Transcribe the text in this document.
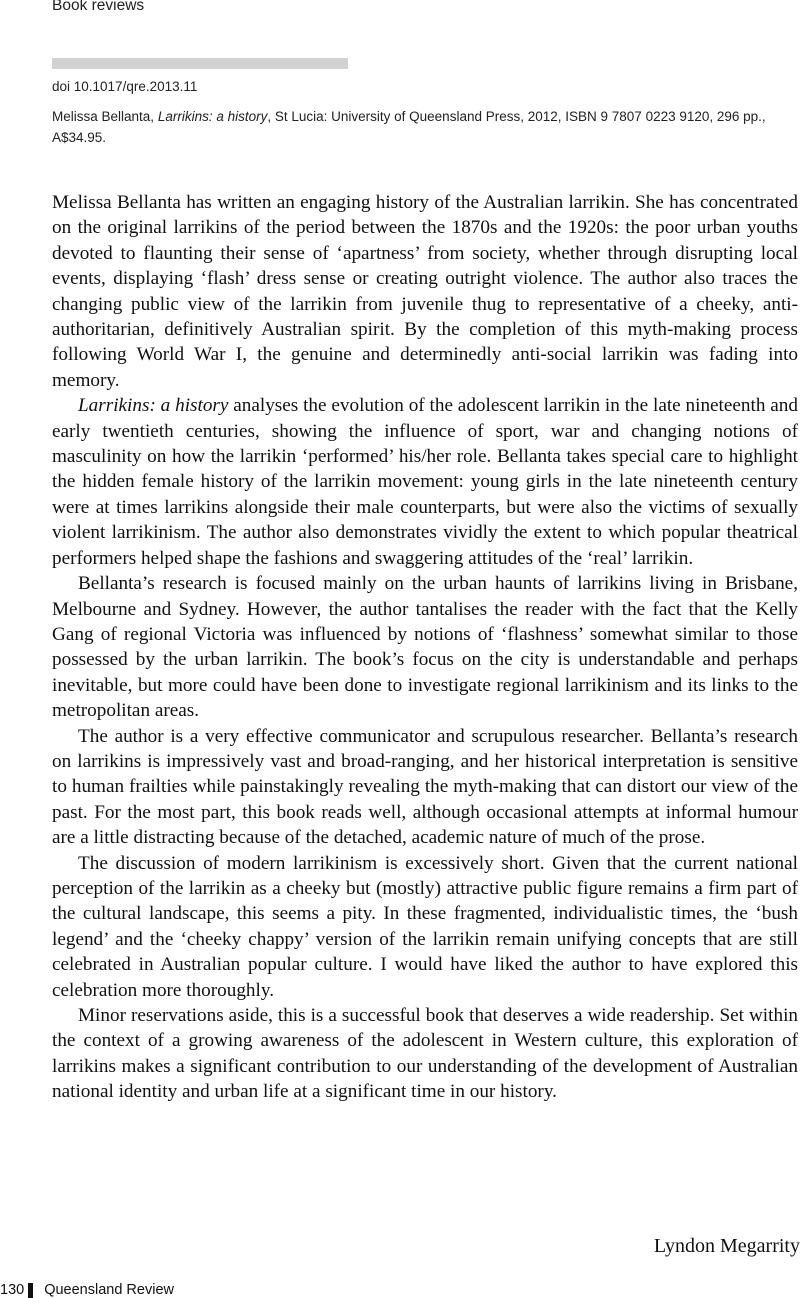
Book reviews
doi 10.1017/qre.2013.11
Melissa Bellanta, Larrikins: a history, St Lucia: University of Queensland Press, 2012, ISBN 9 7807 0223 9120, 296 pp., A$34.95.

Melissa Bellanta has written an engaging history of the Australian larrikin. She has concentrated on the original larrikins of the period between the 1870s and the 1920s: the poor urban youths devoted to flaunting their sense of ‘apartness’ from society, whether through disrupting local events, displaying ‘flash’ dress sense or creating outright violence. The author also traces the changing public view of the larrikin from juvenile thug to representative of a cheeky, anti-authoritarian, definitively Australian spirit. By the completion of this myth-making process following World War I, the genuine and determinedly anti-social larrikin was fading into memory.

Larrikins: a history analyses the evolution of the adolescent larrikin in the late nineteenth and early twentieth centuries, showing the influence of sport, war and changing notions of masculinity on how the larrikin ‘performed’ his/her role. Bellanta takes special care to highlight the hidden female history of the larrikin movement: young girls in the late nineteenth century were at times larrikins alongside their male counterparts, but were also the victims of sexually violent larrikinism. The author also demonstrates vividly the extent to which popular theatrical performers helped shape the fashions and swaggering attitudes of the ‘real’ larrikin.

Bellanta’s research is focused mainly on the urban haunts of larrikins living in Brisbane, Melbourne and Sydney. However, the author tantalises the reader with the fact that the Kelly Gang of regional Victoria was influenced by notions of ‘flashness’ somewhat similar to those possessed by the urban larrikin. The book’s focus on the city is understandable and perhaps inevitable, but more could have been done to investigate regional larrikinism and its links to the metropolitan areas.

The author is a very effective communicator and scrupulous researcher. Bellanta’s research on larrikins is impressively vast and broad-ranging, and her historical interpretation is sensitive to human frailties while painstakingly revealing the myth-making that can distort our view of the past. For the most part, this book reads well, although occasional attempts at informal humour are a little distracting because of the detached, academic nature of much of the prose.

The discussion of modern larrikinism is excessively short. Given that the current national perception of the larrikin as a cheeky but (mostly) attractive public figure remains a firm part of the cultural landscape, this seems a pity. In these fragmented, individualistic times, the ‘bush legend’ and the ‘cheeky chappy’ version of the larrikin remain unifying concepts that are still celebrated in Australian popular culture. I would have liked the author to have explored this celebration more thoroughly.

Minor reservations aside, this is a successful book that deserves a wide readership. Set within the context of a growing awareness of the adolescent in Western culture, this exploration of larrikins makes a significant contribution to our understanding of the development of Australian national identity and urban life at a significant time in our history.

Lyndon Megarrity
130 Queensland Review
